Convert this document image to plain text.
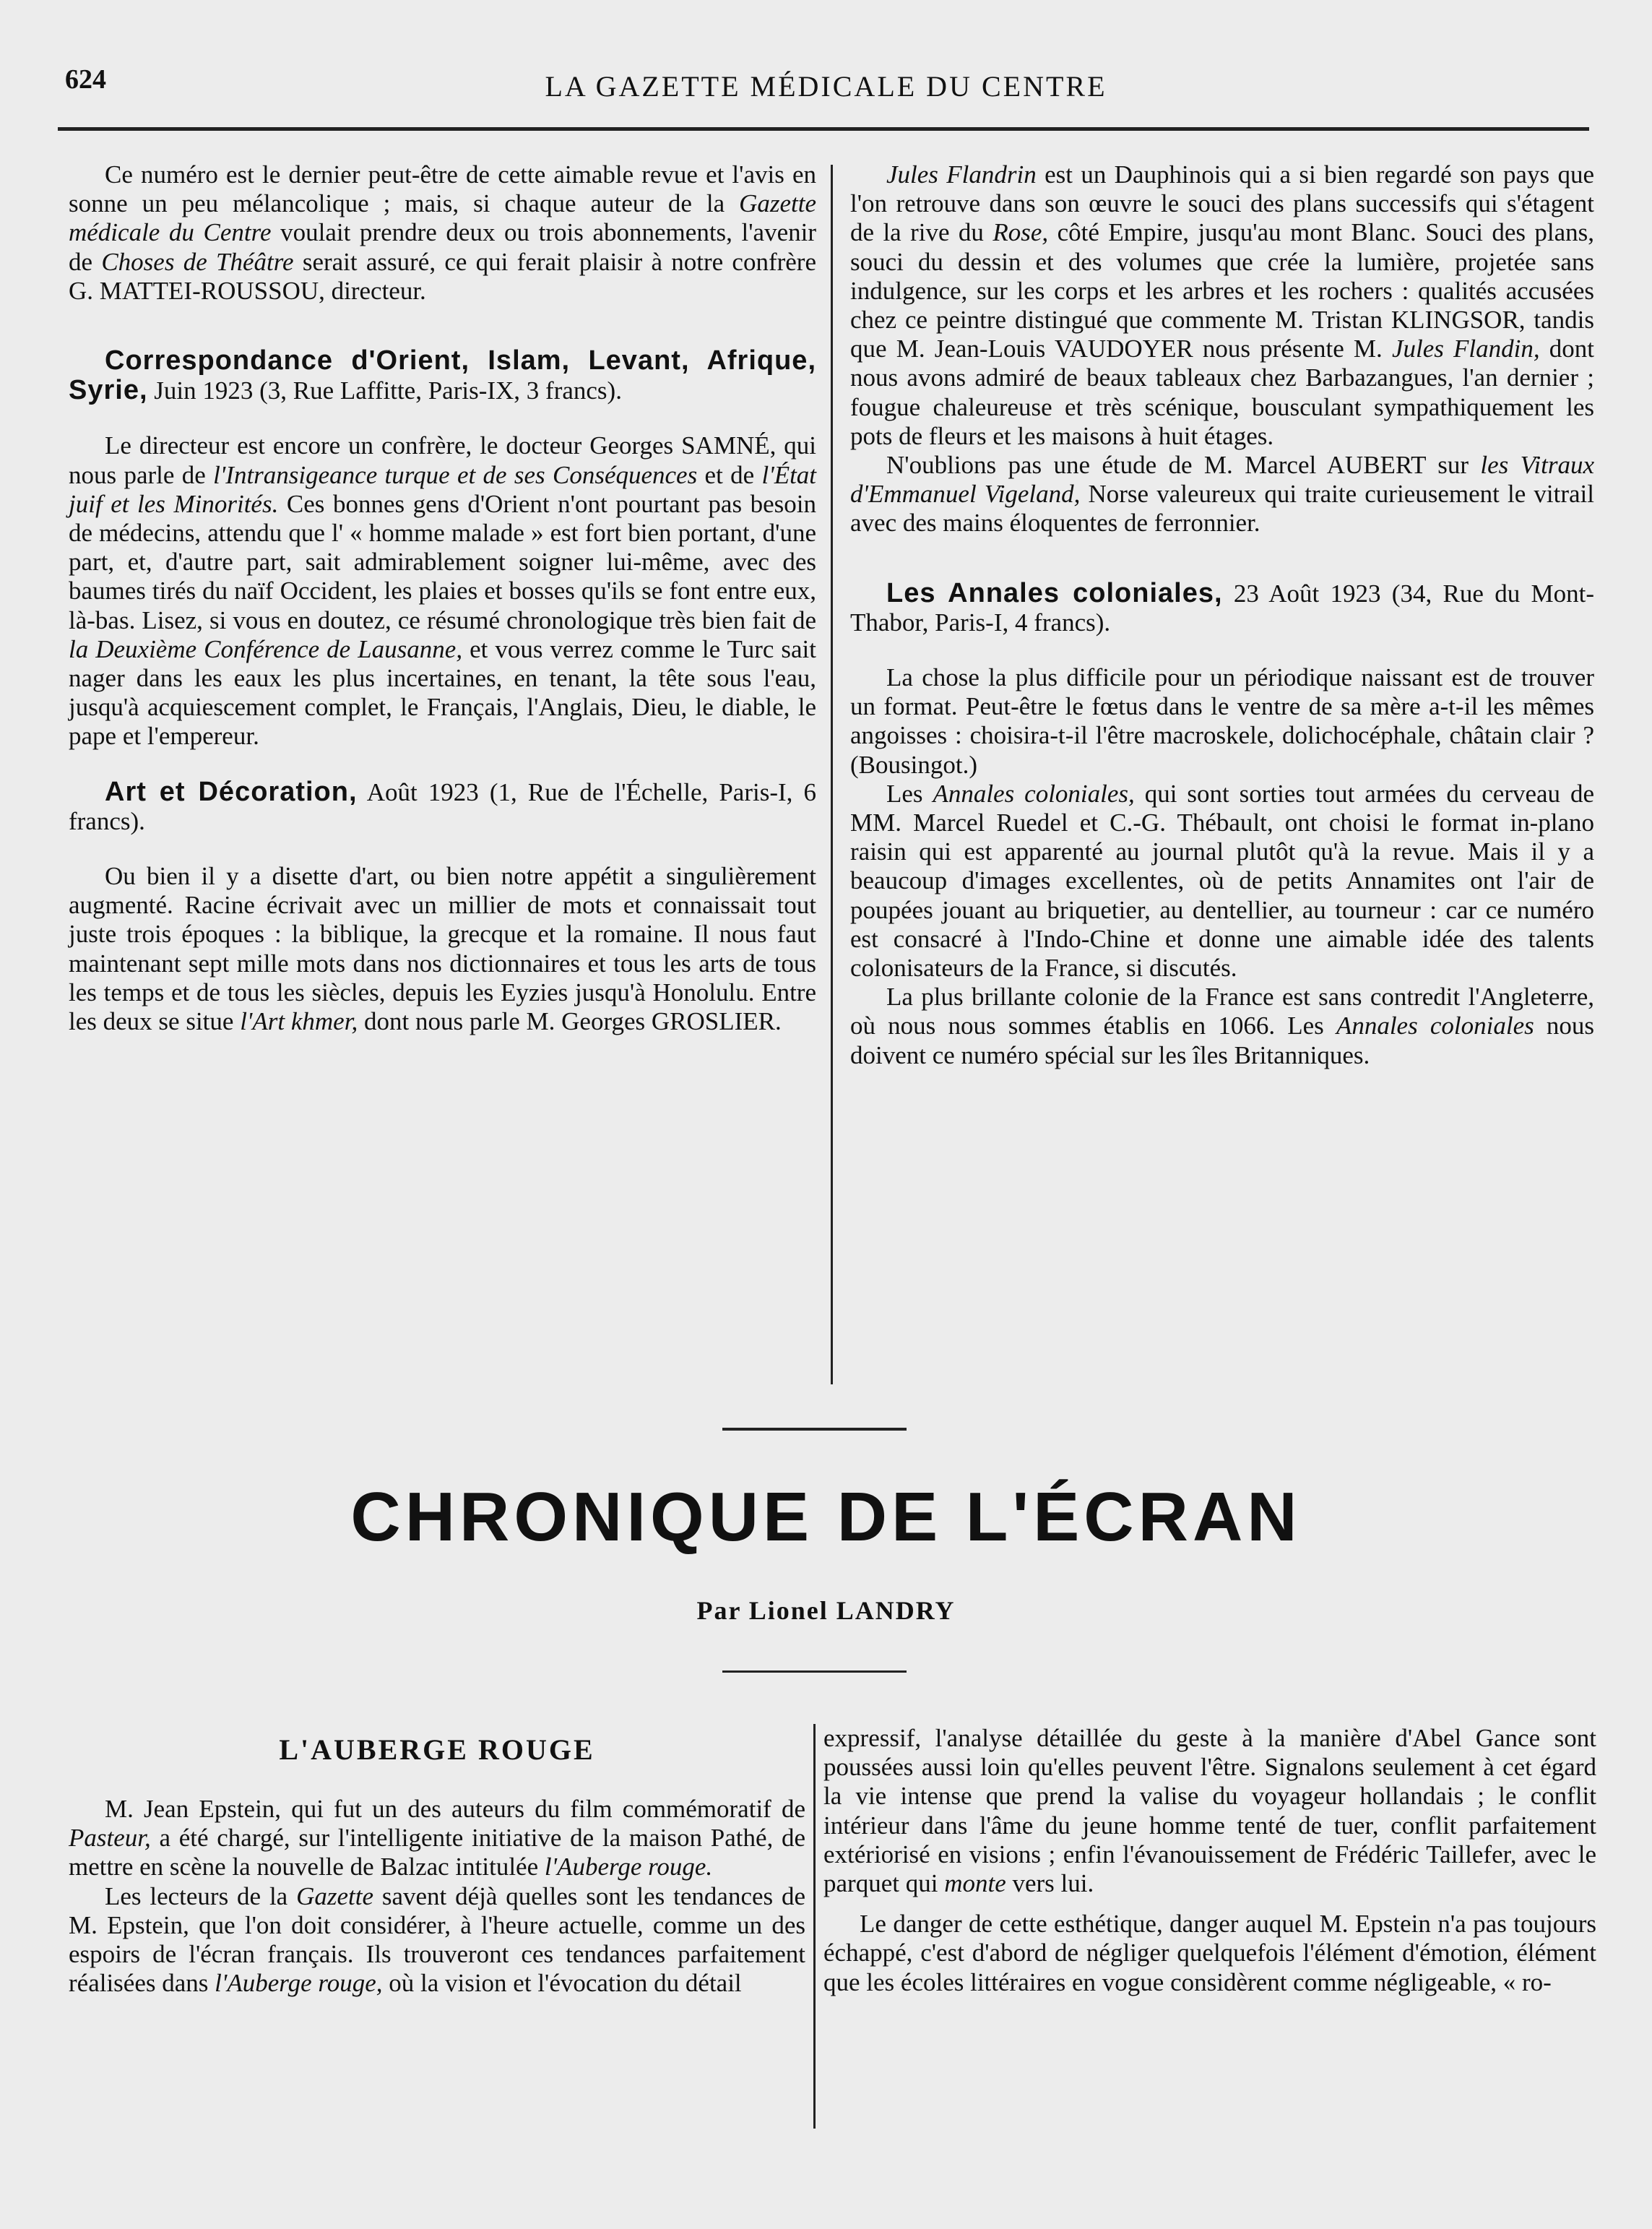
624	LA GAZETTE MÉDICALE DU CENTRE

Ce numéro est le dernier peut-être de cette aimable revue et l'avis en sonne un peu mélancolique ; mais, si chaque auteur de la Gazette médicale du Centre voulait prendre deux ou trois abonnements, l'avenir de Choses de Théâtre serait assuré, ce qui ferait plaisir à notre confrère G. MATTEI-ROUSSOU, directeur.

Correspondance d'Orient, Islam, Levant, Afrique, Syrie, Juin 1923 (3, Rue Laffitte, Paris-IX, 3 francs).

Le directeur est encore un confrère, le docteur Georges SAMNÉ, qui nous parle de l'Intransigeance turque et de ses Conséquences et de l'État juif et les Minorités. Ces bonnes gens d'Orient n'ont pourtant pas besoin de médecins, attendu que l' « homme malade » est fort bien portant, d'une part, et, d'autre part, sait admirablement soigner lui-même, avec des baumes tirés du naïf Occident, les plaies et bosses qu'ils se font entre eux, là-bas. Lisez, si vous en doutez, ce résumé chronologique très bien fait de la Deuxième Conférence de Lausanne, et vous verrez comme le Turc sait nager dans les eaux les plus incertaines, en tenant, la tête sous l'eau, jusqu'à acquiescement complet, le Français, l'Anglais, Dieu, le diable, le pape et l'empereur.

Art et Décoration, Août 1923 (1, Rue de l'Échelle, Paris-I, 6 francs).

Ou bien il y a disette d'art, ou bien notre appétit a singulièrement augmenté. Racine écrivait avec un millier de mots et connaissait tout juste trois époques : la biblique, la grecque et la romaine. Il nous faut maintenant sept mille mots dans nos dictionnaires et tous les arts de tous les temps et de tous les siècles, depuis les Eyzies jusqu'à Honolulu. Entre les deux se situe l'Art khmer, dont nous parle M. Georges GROSLIER.

Jules Flandrin est un Dauphinois qui a si bien regardé son pays que l'on retrouve dans son œuvre le souci des plans successifs qui s'étagent de la rive du Rose, côté Empire, jusqu'au mont Blanc. Souci des plans, souci du dessin et des volumes que crée la lumière, projetée sans indulgence, sur les corps et les arbres et les rochers : qualités accusées chez ce peintre distingué que commente M. Tristan KLINGSOR, tandis que M. Jean-Louis VAUDOYER nous présente M. Jules Flandin, dont nous avons admiré de beaux tableaux chez Barbazangues, l'an dernier ; fougue chaleureuse et très scénique, bousculant sympathiquement les pots de fleurs et les maisons à huit étages.

N'oublions pas une étude de M. Marcel AUBERT sur les Vitraux d'Emmanuel Vigeland, Norse valeureux qui traite curieusement le vitrail avec des mains éloquentes de ferronnier.

Les Annales coloniales, 23 Août 1923 (34, Rue du Mont-Thabor, Paris-I, 4 francs).

La chose la plus difficile pour un périodique naissant est de trouver un format. Peut-être le fœtus dans le ventre de sa mère a-t-il les mêmes angoisses : choisira-t-il l'être macroskele, dolichocéphale, châtain clair ? (Bousingot.)

Les Annales coloniales, qui sont sorties tout armées du cerveau de MM. Marcel Ruedel et C.-G. Thébault, ont choisi le format in-plano raisin qui est apparenté au journal plutôt qu'à la revue. Mais il y a beaucoup d'images excellentes, où de petits Annamites ont l'air de poupées jouant au briquetier, au dentellier, au tourneur : car ce numéro est consacré à l'Indo-Chine et donne une aimable idée des talents colonisateurs de la France, si discutés.

La plus brillante colonie de la France est sans contredit l'Angleterre, où nous nous sommes établis en 1066. Les Annales coloniales nous doivent ce numéro spécial sur les îles Britanniques.

CHRONIQUE DE L'ÉCRAN
Par Lionel LANDRY
L'AUBERGE ROUGE

M. Jean Epstein, qui fut un des auteurs du film commémoratif de Pasteur, a été chargé, sur l'intelligente initiative de la maison Pathé, de mettre en scène la nouvelle de Balzac intitulée l'Auberge rouge.

Les lecteurs de la Gazette savent déjà quelles sont les tendances de M. Epstein, que l'on doit considérer, à l'heure actuelle, comme un des espoirs de l'écran français. Ils trouveront ces tendances parfaitement réalisées dans l'Auberge rouge, où la vision et l'évocation du détail

expressif, l'analyse détaillée du geste à la manière d'Abel Gance sont poussées aussi loin qu'elles peuvent l'être. Signalons seulement à cet égard la vie intense que prend la valise du voyageur hollandais ; le conflit intérieur dans l'âme du jeune homme tenté de tuer, conflit parfaitement extériorisé en visions ; enfin l'évanouissement de Frédéric Taillefer, avec le parquet qui monte vers lui.

Le danger de cette esthétique, danger auquel M. Epstein n'a pas toujours échappé, c'est d'abord de négliger quelquefois l'élément d'émotion, élément que les écoles littéraires en vogue considèrent comme négligeable, « ro-
